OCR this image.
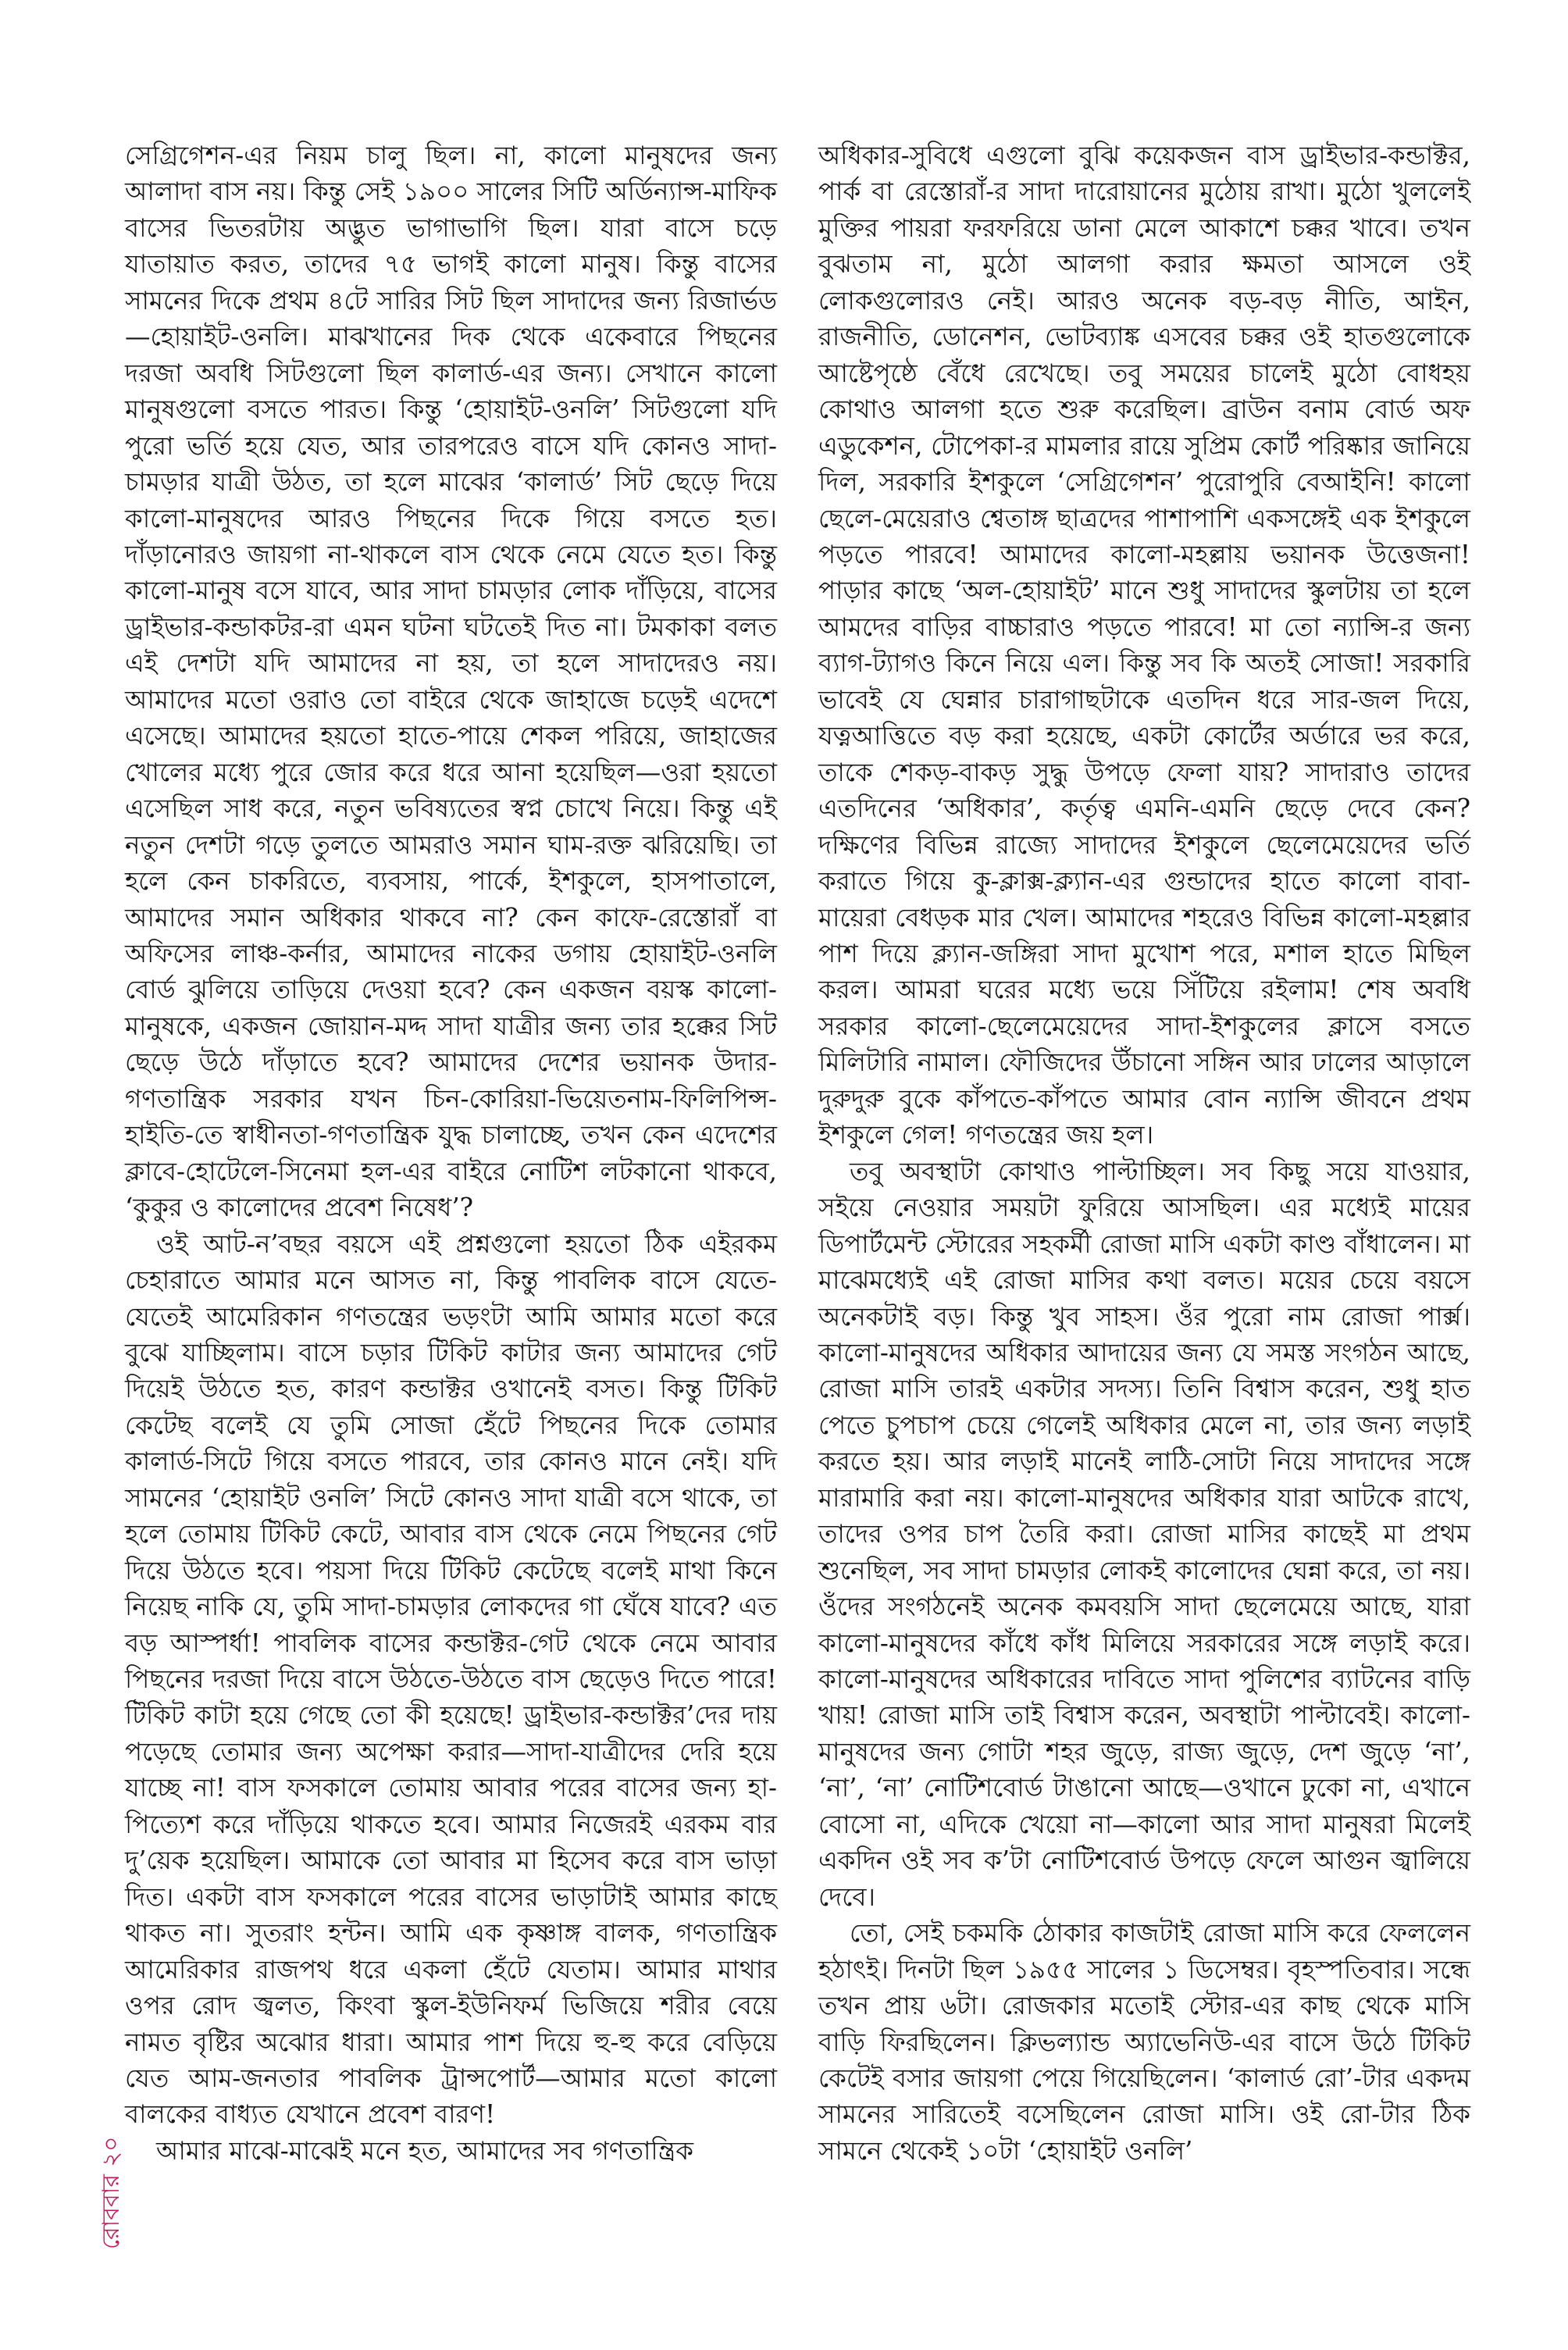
সেগ্রিগেশন-এর নিয়ম চালু ছিল। না, কালো মানুষদের জন্য আলাদা বাস নয়। কিন্তু সেই ১৯০০ সালের সিটি অর্ডিন্যান্স-মাফিক বাসের ভিতরটায় অদ্ভুত ভাগাভাগি ছিল। যারা বাসে চড়ে যাতায়াত করত, তাদের ৭৫ ভাগই কালো মানুষ। কিন্তু বাসের সামনের দিকে প্রথম ৪টে সারির সিট ছিল সাদাদের জন্য রিজার্ভড—হোয়াইট-ওনলি। মাঝখানের দিক থেকে একেবারে পিছনের দরজা অবধি সিটগুলো ছিল কালার্ড-এর জন্য। সেখানে কালো মানুষগুলো বসতে পারত। কিন্তু ‘হোয়াইট-ওনলি’ সিটগুলো যদি পুরো ভর্তি হয়ে যেত, আর তারপরেও বাসে যদি কোনও সাদা-চামড়ার যাত্রী উঠত, তা হলে মাঝের ‘কালার্ড’ সিট ছেড়ে দিয়ে কালো-মানুষদের আরও পিছনের দিকে গিয়ে বসতে হত। দাঁড়ানোরও জায়গা না-থাকলে বাস থেকে নেমে যেতে হত। কিন্তু কালো-মানুষ বসে যাবে, আর সাদা চামড়ার লোক দাঁড়িয়ে, বাসের ড্রাইভার-কন্ডাকটর-রা এমন ঘটনা ঘটতেই দিত না। টমকাকা বলত এই দেশটা যদি আমাদের না হয়, তা হলে সাদাদেরও নয়। আমাদের মতো ওরাও তো বাইরে থেকে জাহাজে চড়েই এদেশে এসেছে। আমাদের হয়তো হাতে-পায়ে শেকল পরিয়ে, জাহাজের খোলের মধ্যে পুরে জোর করে ধরে আনা হয়েছিল—ওরা হয়তো এসেছিল সাধ করে, নতুন ভবিষ্যতের স্বপ্ন চোখে নিয়ে। কিন্তু এই নতুন দেশটা গড়ে তুলতে আমরাও সমান ঘাম-রক্ত ঝরিয়েছি। তা হলে কেন চাকরিতে, ব্যবসায়, পার্কে, ইশকুলে, হাসপাতালে, আমাদের সমান অধিকার থাকবে না? কেন কাফে-রেস্তোরাঁ বা অফিসের লাঞ্চ-কর্নার, আমাদের নাকের ডগায় হোয়াইট-ওনলি বোর্ড ঝুলিয়ে তাড়িয়ে দেওয়া হবে? কেন একজন বয়স্ক কালো-মানুষকে, একজন জোয়ান-মদ্দ সাদা যাত্রীর জন্য তার হক্কের সিট ছেড়ে উঠে দাঁড়াতে হবে? আমাদের দেশের ভয়ানক উদার-গণতান্ত্রিক সরকার যখন চিন-কোরিয়া-ভিয়েতনাম-ফিলিপিন্স-হাইতি-তে স্বাধীনতা-গণতান্ত্রিক যুদ্ধ চালাচ্ছে, তখন কেন এদেশের ক্লাবে-হোটেলে-সিনেমা হল-এর বাইরে নোটিশ লটকানো থাকবে, ‘কুকুর ও কালোদের প্রবেশ নিষেধ’?

ওই আট-ন’বছর বয়সে এই প্রশ্নগুলো হয়তো ঠিক এইরকম চেহারাতে আমার মনে আসত না, কিন্তু পাবলিক বাসে যেতে-যেতেই আমেরিকান গণতন্ত্রের ভড়ংটা আমি আমার মতো করে বুঝে যাচ্ছিলাম। বাসে চড়ার টিকিট কাটার জন্য আমাদের গেট দিয়েই উঠতে হত, কারণ কন্ডাক্টর ওখানেই বসত। কিন্তু টিকিট কেটেছ বলেই যে তুমি সোজা হেঁটে পিছনের দিকে তোমার কালার্ড-সিটে গিয়ে বসতে পারবে, তার কোনও মানে নেই। যদি সামনের ‘হোয়াইট ওনলি’ সিটে কোনও সাদা যাত্রী বসে থাকে, তা হলে তোমায় টিকিট কেটে, আবার বাস থেকে নেমে পিছনের গেট দিয়ে উঠতে হবে। পয়সা দিয়ে টিকিট কেটেছে বলেই মাথা কিনে নিয়েছ নাকি যে, তুমি সাদা-চামড়ার লোকদের গা ঘেঁষে যাবে? এত বড় আস্পর্ধা! পাবলিক বাসের কন্ডাক্টর-গেট থেকে নেমে আবার পিছনের দরজা দিয়ে বাসে উঠতে-উঠতে বাস ছেড়েও দিতে পারে! টিকিট কাটা হয়ে গেছে তো কী হয়েছে! ড্রাইভার-কন্ডাক্টর’দের দায় পড়েছে তোমার জন্য অপেক্ষা করার—সাদা-যাত্রীদের দেরি হয়ে যাচ্ছে না! বাস ফসকালে তোমায় আবার পরের বাসের জন্য হা-পিত্যেশ করে দাঁড়িয়ে থাকতে হবে। আমার নিজেরই এরকম বার দু’য়েক হয়েছিল। আমাকে তো আবার মা হিসেব করে বাস ভাড়া দিত। একটা বাস ফসকালে পরের বাসের ভাড়াটাই আমার কাছে থাকত না। সুতরাং হন্টন। আমি এক কৃষ্ণাঙ্গ বালক, গণতান্ত্রিক আমেরিকার রাজপথ ধরে একলা হেঁটে যেতাম। আমার মাথার ওপর রোদ জ্বলত, কিংবা স্কুল-ইউনিফর্ম ভিজিয়ে শরীর বেয়ে নামত বৃষ্টির অঝোর ধারা। আমার পাশ দিয়ে হু-হু করে বেড়িয়ে যেত আম-জনতার পাবলিক ট্রান্সপোর্ট—আমার মতো কালো বালকের বাধ্যত যেখানে প্রবেশ বারণ!

আমার মাঝে-মাঝেই মনে হত, আমাদের সব গণতান্ত্রিক

অধিকার-সুবিধে এগুলো বুঝি কয়েকজন বাস ড্রাইভার-কন্ডাক্টর, পার্ক বা রেস্তোরাঁ-র সাদা দারোয়ানের মুঠোয় রাখা। মুঠো খুললেই মুক্তির পায়রা ফরফরিয়ে ডানা মেলে আকাশে চক্কর খাবে। তখন বুঝতাম না, মুঠো আলগা করার ক্ষমতা আসলে ওই লোকগুলোরও নেই। আরও অনেক বড়-বড় নীতি, আইন, রাজনীতি, ডোনেশন, ভোটব্যাঙ্ক এসবের চক্কর ওই হাতগুলোকে আষ্টেপৃষ্ঠে বেঁধে রেখেছে। তবু সময়ের চালেই মুঠো বোধহয় কোথাও আলগা হতে শুরু করেছিল। ব্রাউন বনাম বোর্ড অফ এডুকেশন, টোপেকা-র মামলার রায়ে সুপ্রিম কোর্ট পরিষ্কার জানিয়ে দিল, সরকারি ইশকুলে ‘সেগ্রিগেশন’ পুরোপুরি বেআইনি! কালো ছেলে-মেয়েরাও শ্বেতাঙ্গ ছাত্রদের পাশাপাশি একসঙ্গেই এক ইশকুলে পড়তে পারবে! আমাদের কালো-মহল্লায় ভয়ানক উত্তেজনা! পাড়ার কাছে ‘অল-হোয়াইট’ মানে শুধু সাদাদের স্কুলটায় তা হলে আমদের বাড়ির বাচ্চারাও পড়তে পারবে! মা তো ন্যান্সি-র জন্য ব্যাগ-ট্যাগও কিনে নিয়ে এল। কিন্তু সব কি অতই সোজা! সরকারি ভাবেই যে ঘেন্নার চারাগাছটাকে এতদিন ধরে সার-জল দিয়ে, যত্নআত্তিতে বড় করা হয়েছে, একটা কোর্টের অর্ডারে ভর করে, তাকে শেকড়-বাকড় সুদ্ধু উপড়ে ফেলা যায়? সাদারাও তাদের এতদিনের ‘অধিকার’, কর্তৃত্ব এমনি-এমনি ছেড়ে দেবে কেন? দক্ষিণের বিভিন্ন রাজ্যে সাদাদের ইশকুলে ছেলেমেয়েদের ভর্তি করাতে গিয়ে কু-ক্লাক্স-ক্ল্যান-এর গুন্ডাদের হাতে কালো বাবা-মায়েরা বেধড়ক মার খেল। আমাদের শহরেও বিভিন্ন কালো-মহল্লার পাশ দিয়ে ক্ল্যান-জঙ্গিরা সাদা মুখোশ পরে, মশাল হাতে মিছিল করল। আমরা ঘরের মধ্যে ভয়ে সিঁটিয়ে রইলাম! শেষ অবধি সরকার কালো-ছেলেমেয়েদের সাদা-ইশকুলের ক্লাসে বসতে মিলিটারি নামাল। ফৌজিদের উঁচানো সঙ্গিন আর ঢালের আড়ালে দুরুদুরু বুকে কাঁপতে-কাঁপতে আমার বোন ন্যান্সি জীবনে প্রথম ইশকুলে গেল! গণতন্ত্রের জয় হল।

তবু অবস্থাটা কোথাও পাল্টাচ্ছিল। সব কিছু সয়ে যাওয়ার, সইয়ে নেওয়ার সময়টা ফুরিয়ে আসছিল। এর মধ্যেই মায়ের ডিপার্টমেন্ট স্টোরের সহকর্মী রোজা মাসি একটা কাণ্ড বাঁধালেন। মা মাঝেমধ্যেই এই রোজা মাসির কথা বলত। ময়ের চেয়ে বয়সে অনেকটাই বড়। কিন্তু খুব সাহস। ওঁর পুরো নাম রোজা পার্ক্স। কালো-মানুষদের অধিকার আদায়ের জন্য যে সমস্ত সংগঠন আছে, রোজা মাসি তারই একটার সদস্য। তিনি বিশ্বাস করেন, শুধু হাত পেতে চুপচাপ চেয়ে গেলেই অধিকার মেলে না, তার জন্য লড়াই করতে হয়। আর লড়াই মানেই লাঠি-সোটা নিয়ে সাদাদের সঙ্গে মারামারি করা নয়। কালো-মানুষদের অধিকার যারা আটকে রাখে, তাদের ওপর চাপ তৈরি করা। রোজা মাসির কাছেই মা প্রথম শুনেছিল, সব সাদা চামড়ার লোকই কালোদের ঘেন্না করে, তা নয়। ওঁদের সংগঠনেই অনেক কমবয়সি সাদা ছেলেমেয়ে আছে, যারা কালো-মানুষদের কাঁধে কাঁধ মিলিয়ে সরকারের সঙ্গে লড়াই করে। কালো-মানুষদের অধিকারের দাবিতে সাদা পুলিশের ব্যাটনের বাড়ি খায়! রোজা মাসি তাই বিশ্বাস করেন, অবস্থাটা পাল্টাবেই। কালো-মানুষদের জন্য গোটা শহর জুড়ে, রাজ্য জুড়ে, দেশ জুড়ে ‘না’, ‘না’, ‘না’ নোটিশবোর্ড টাঙানো আছে—ওখানে ঢুকো না, এখানে বোসো না, এদিকে খেয়ো না—কালো আর সাদা মানুষরা মিলেই একদিন ওই সব ক’টা নোটিশবোর্ড উপড়ে ফেলে আগুন জ্বালিয়ে দেবে।

তো, সেই চকমকি ঠোকার কাজটাই রোজা মাসি করে ফেললেন হঠাৎই। দিনটা ছিল ১৯৫৫ সালের ১ ডিসেম্বর। বৃহস্পতিবার। সন্ধে তখন প্রায় ৬টা। রোজকার মতোই স্টোর-এর কাছ থেকে মাসি বাড়ি ফিরছিলেন। ক্লিভল্যান্ড অ্যাভেনিউ-এর বাসে উঠে টিকিট কেটেই বসার জায়গা পেয়ে গিয়েছিলেন। ‘কালার্ড রো’-টার একদম সামনের সারিতেই বসেছিলেন রোজা মাসি। ওই রো-টার ঠিক সামনে থেকেই ১০টা ‘হোয়াইট ওনলি’

রোববার ২০
